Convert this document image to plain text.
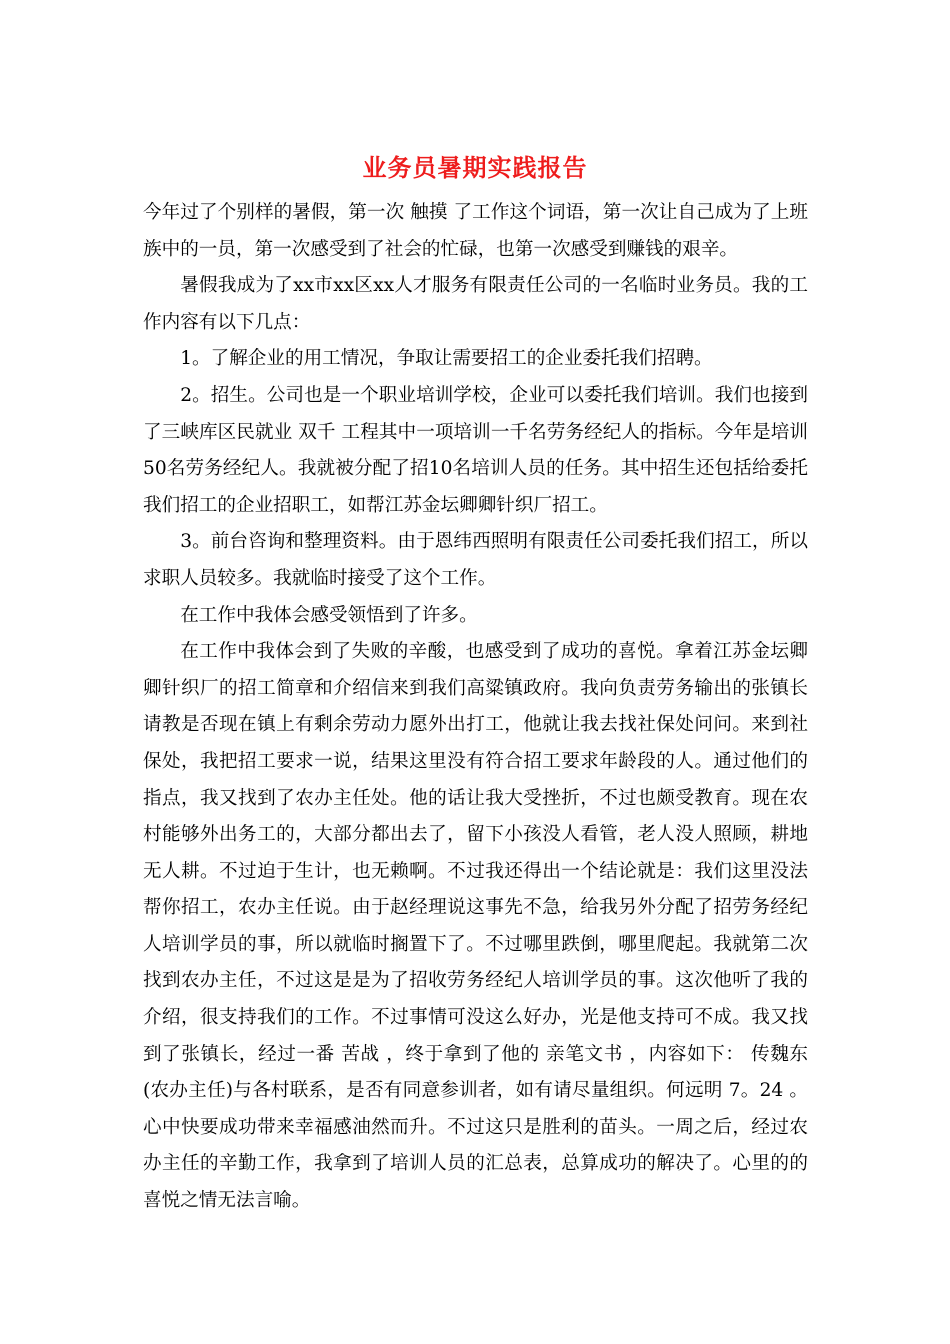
业务员暑期实践报告

今年过了个别样的暑假，第一次 触摸 了工作这个词语，第一次让自己成为了上班族中的一员，第一次感受到了社会的忙碌，也第一次感受到赚钱的艰辛。

暑假我成为了xx市xx区xx人才服务有限责任公司的一名临时业务员。我的工作内容有以下几点：

1。了解企业的用工情况，争取让需要招工的企业委托我们招聘。

2。招生。公司也是一个职业培训学校，企业可以委托我们培训。我们也接到了三峡库区民就业 双千 工程其中一项培训一千名劳务经纪人的指标。今年是培训50名劳务经纪人。我就被分配了招10名培训人员的任务。其中招生还包括给委托我们招工的企业招职工，如帮江苏金坛卿卿针织厂招工。

3。前台咨询和整理资料。由于恩纬西照明有限责任公司委托我们招工，所以求职人员较多。我就临时接受了这个工作。

在工作中我体会感受领悟到了许多。

在工作中我体会到了失败的辛酸，也感受到了成功的喜悦。拿着江苏金坛卿卿针织厂的招工简章和介绍信来到我们高粱镇政府。我向负责劳务输出的张镇长请教是否现在镇上有剩余劳动力愿外出打工，他就让我去找社保处问问。来到社保处，我把招工要求一说，结果这里没有符合招工要求年龄段的人。通过他们的指点，我又找到了农办主任处。他的话让我大受挫折，不过也颇受教育。现在农村能够外出务工的，大部分都出去了，留下小孩没人看管，老人没人照顾，耕地无人耕。不过迫于生计，也无赖啊。不过我还得出一个结论就是：我们这里没法帮你招工，农办主任说。由于赵经理说这事先不急，给我另外分配了招劳务经纪人培训学员的事，所以就临时搁置下了。不过哪里跌倒，哪里爬起。我就第二次找到农办主任，不过这是是为了招收劳务经纪人培训学员的事。这次他听了我的介绍，很支持我们的工作。不过事情可没这么好办，光是他支持可不成。我又找到了张镇长，经过一番 苦战 ，终于拿到了他的 亲笔文书 ，内容如下： 传魏东(农办主任)与各村联系，是否有同意参训者，如有请尽量组织。何远明 7。24 。心中快要成功带来幸福感油然而升。不过这只是胜利的苗头。一周之后，经过农办主任的辛勤工作，我拿到了培训人员的汇总表，总算成功的解决了。心里的的喜悦之情无法言喻。
